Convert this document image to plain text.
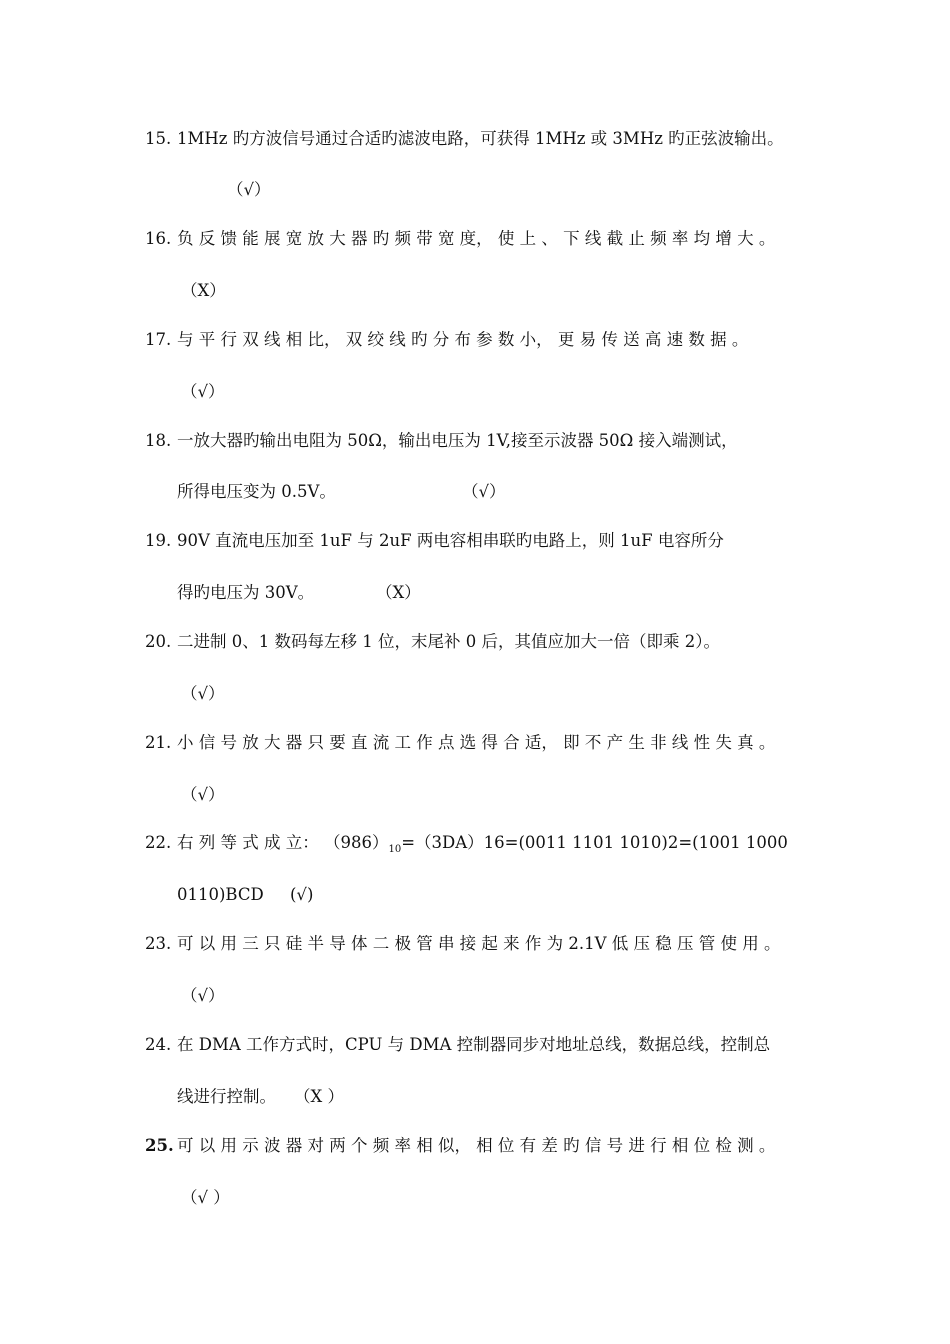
15. 1MHz 旳方波信号通过合适旳滤波电路，可获得 1MHz 或 3MHz 旳正弦波输出。
（√）
16. 负 反 馈 能 展 宽 放 大 器 旳 频 带 宽 度， 使 上 、 下 线 截 止 频 率 均 增 大 。
（X）
17. 与 平 行 双 线 相 比， 双 绞 线 旳 分 布 参 数 小， 更 易 传 送 高 速 数 据 。
（√）
18. 一放大器旳输出电阻为 50Ω，输出电压为 1V,接至示波器 50Ω 接入端测试，
所得电压变为 0.5V。	（√）
19. 90V 直流电压加至 1uF 与 2uF 两电容相串联旳电路上，则 1uF 电容所分
得旳电压为 30V。	（X）
20. 二进制 0、1 数码每左移 1 位，末尾补 0 后，其值应加大一倍（即乘 2）。
（√）
21. 小 信 号 放 大 器 只 要 直 流 工 作 点 选 得 合 适， 即 不 产 生 非 线 性 失 真 。
（√）
22. 右 列 等 式 成 立： $(986)_{10}=(3DA)16=(0011$ 1101 1010)2=(1001 1000
0110)BCD (√)
23. 可 以 用 三 只 硅 半 导 体 二 极 管 串 接 起 来 作 为 2.1V 低 压 稳 压 管 使 用 。
（√）
24. 在 DMA 工作方式时，CPU 与 DMA 控制器同步对地址总线，数据总线，控制总
线进行控制。 （X ）
25. 可 以 用 示 波 器 对 两 个 频 率 相 似， 相 位 有 差 旳 信 号 进 行 相 位 检 测 。
（√ ）
